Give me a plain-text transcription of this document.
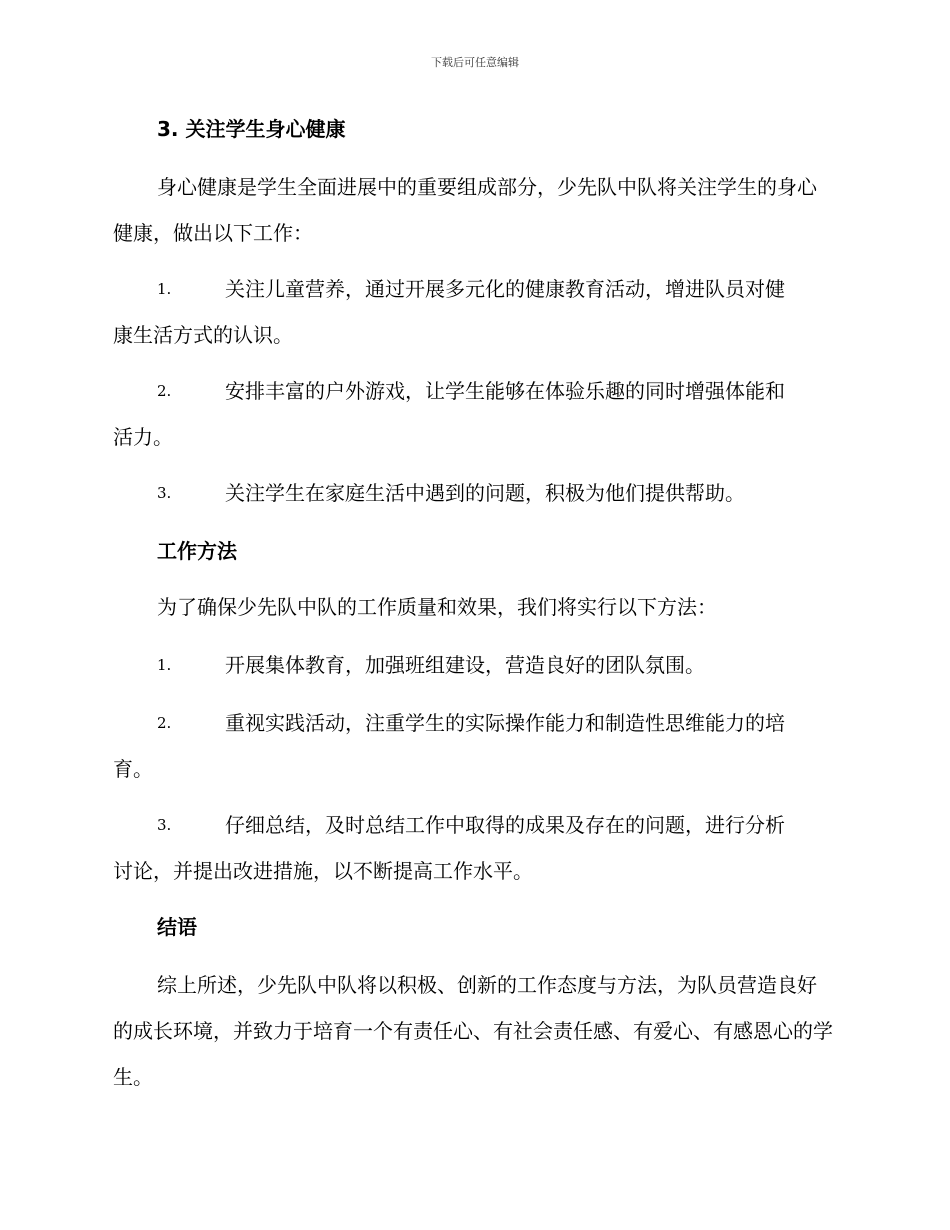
下载后可任意编辑
3. 关注学生身心健康

身心健康是学生全面进展中的重要组成部分，少先队中队将关注学生的身心健康，做出以下工作：

1.	关注儿童营养，通过开展多元化的健康教育活动，增进队员对健
康生活方式的认识。
2.	安排丰富的户外游戏，让学生能够在体验乐趣的同时增强体能和
活力。
3.	关注学生在家庭生活中遇到的问题，积极为他们提供帮助。
工作方法

为了确保少先队中队的工作质量和效果，我们将实行以下方法：

1.	开展集体教育，加强班组建设，营造良好的团队氛围。
2.	重视实践活动，注重学生的实际操作能力和制造性思维能力的培
育。
3.	仔细总结，及时总结工作中取得的成果及存在的问题，进行分析
讨论，并提出改进措施，以不断提高工作水平。
结语

综上所述，少先队中队将以积极、创新的工作态度与方法，为队员营造良好的成长环境，并致力于培育一个有责任心、有社会责任感、有爱心、有感恩心的学生。
